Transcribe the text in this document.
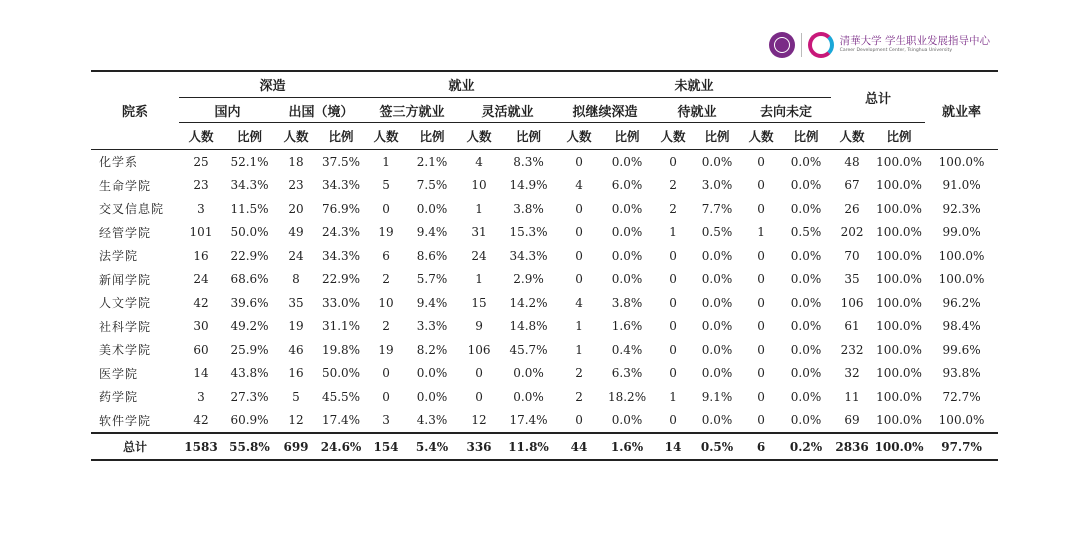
清華大学 学生职业发展指导中心
Career Development Center, Tsinghua University
院系	深造				就业				未就业						总计		就业率
	国内		出国（境）		签三方就业		灵活就业		拟继续深造		待就业		去向未定				
	人数	比例	人数	比例	人数	比例	人数	比例	人数	比例	人数	比例	人数	比例	人数	比例	
化学系	25	52.1%	18	37.5%	1	2.1%	4	8.3%	0	0.0%	0	0.0%	0	0.0%	48	100.0%	100.0%
生命学院	23	34.3%	23	34.3%	5	7.5%	10	14.9%	4	6.0%	2	3.0%	0	0.0%	67	100.0%	91.0%
交叉信息院	3	11.5%	20	76.9%	0	0.0%	1	3.8%	0	0.0%	2	7.7%	0	0.0%	26	100.0%	92.3%
经管学院	101	50.0%	49	24.3%	19	9.4%	31	15.3%	0	0.0%	1	0.5%	1	0.5%	202	100.0%	99.0%
法学院	16	22.9%	24	34.3%	6	8.6%	24	34.3%	0	0.0%	0	0.0%	0	0.0%	70	100.0%	100.0%
新闻学院	24	68.6%	8	22.9%	2	5.7%	1	2.9%	0	0.0%	0	0.0%	0	0.0%	35	100.0%	100.0%
人文学院	42	39.6%	35	33.0%	10	9.4%	15	14.2%	4	3.8%	0	0.0%	0	0.0%	106	100.0%	96.2%
社科学院	30	49.2%	19	31.1%	2	3.3%	9	14.8%	1	1.6%	0	0.0%	0	0.0%	61	100.0%	98.4%
美术学院	60	25.9%	46	19.8%	19	8.2%	106	45.7%	1	0.4%	0	0.0%	0	0.0%	232	100.0%	99.6%
医学院	14	43.8%	16	50.0%	0	0.0%	0	0.0%	2	6.3%	0	0.0%	0	0.0%	32	100.0%	93.8%
药学院	3	27.3%	5	45.5%	0	0.0%	0	0.0%	2	18.2%	1	9.1%	0	0.0%	11	100.0%	72.7%
软件学院	42	60.9%	12	17.4%	3	4.3%	12	17.4%	0	0.0%	0	0.0%	0	0.0%	69	100.0%	100.0%
总计	1583	55.8%	699	24.6%	154	5.4%	336	11.8%	44	1.6%	14	0.5%	6	0.2%	2836	100.0%	97.7%
